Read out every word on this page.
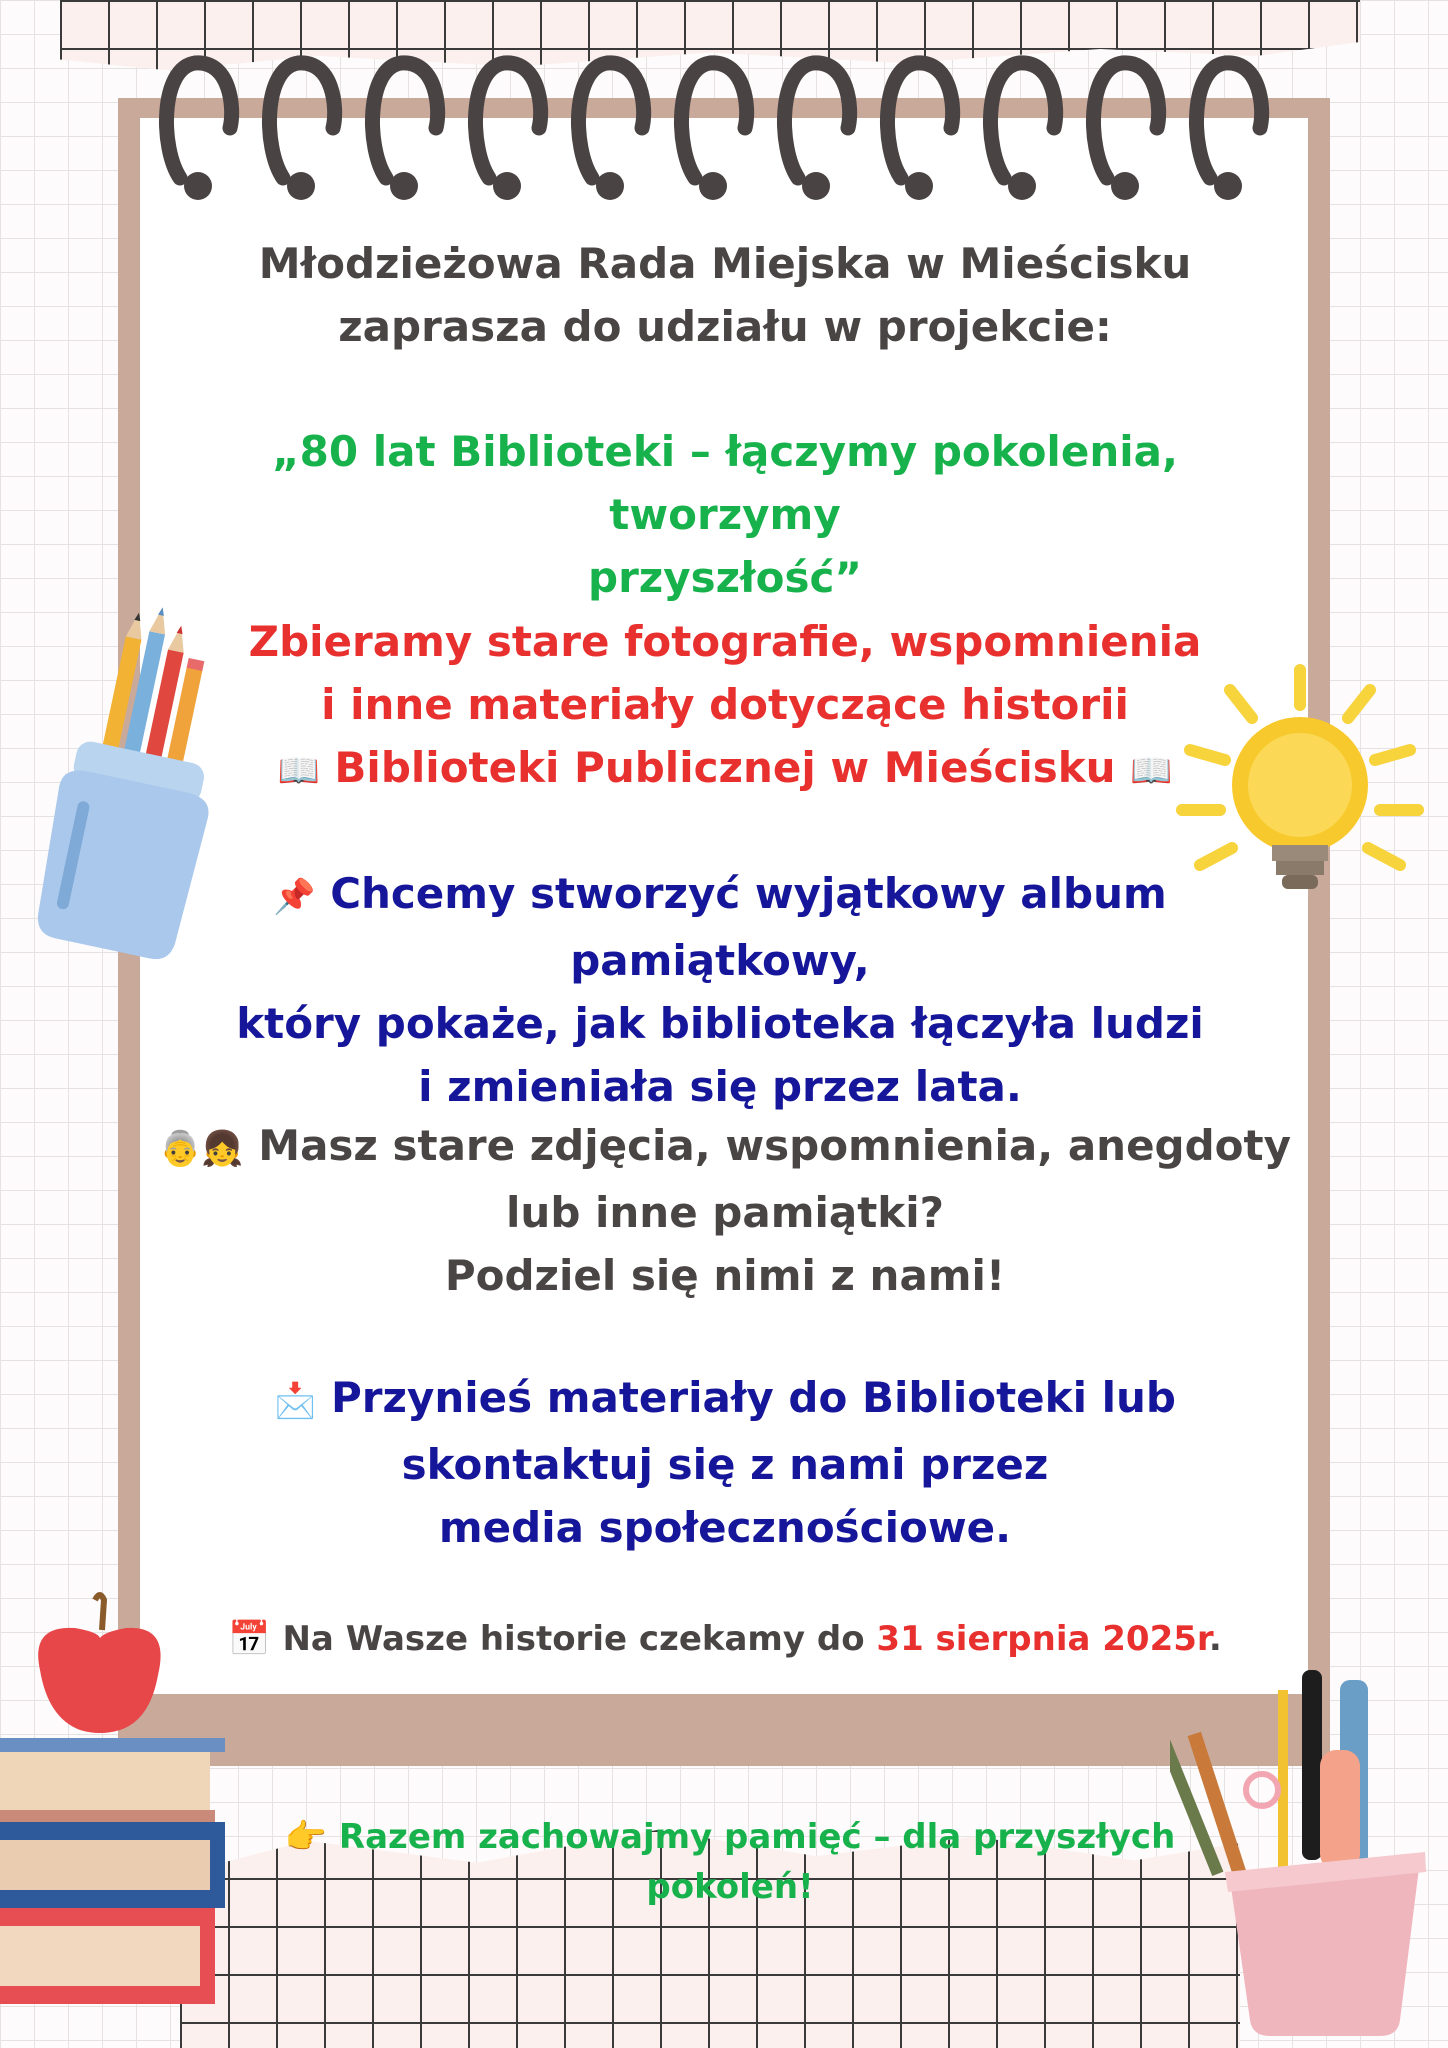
Młodzieżowa Rada Miejska w Mieścisku
zaprasza do udziału w projekcie:
„80 lat Biblioteki – łączymy pokolenia, tworzymy
przyszłość”
Zbieramy stare fotografie, wspomnienia
i inne materiały dotyczące historii
📖 Biblioteki Publicznej w Mieścisku 📖
📌 Chcemy stworzyć wyjątkowy album pamiątkowy,
który pokaże, jak biblioteka łączyła ludzi
i zmieniała się przez lata.
👵👧 Masz stare zdjęcia, wspomnienia, anegdoty
lub inne pamiątki?
Podziel się nimi z nami!
📩 Przynieś materiały do Biblioteki lub
skontaktuj się z nami przez
media społecznościowe.
📅 Na Wasze historie czekamy do 31 sierpnia 2025r.
👉 Razem zachowajmy pamięć – dla przyszłych pokoleń!
